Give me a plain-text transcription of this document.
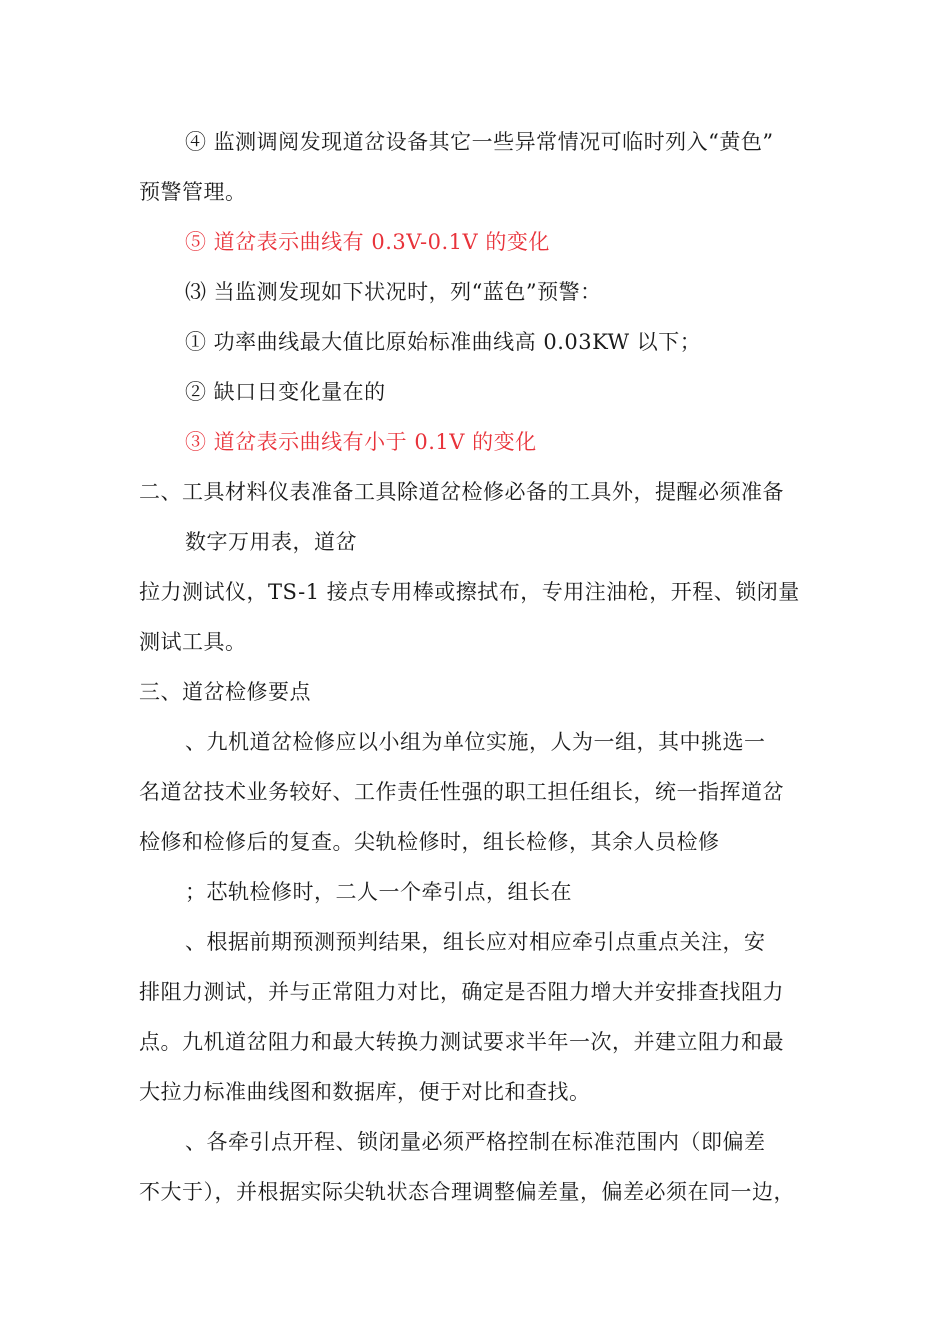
④ 监测调阅发现道岔设备其它一些异常情况可临时列入“黄色”
预警管理。
⑤ 道岔表示曲线有 0.3V-0.1V 的变化
⑶ 当监测发现如下状况时，列“蓝色”预警：
① 功率曲线最大值比原始标准曲线高 0.03KW 以下；
② 缺口日变化量在的
③ 道岔表示曲线有小于 0.1V 的变化
二、工具材料仪表准备工具除道岔检修必备的工具外，提醒必须准备
数字万用表，道岔
拉力测试仪，TS-1 接点专用棒或擦拭布，专用注油枪，开程、锁闭量
测试工具。
三、道岔检修要点
、九机道岔检修应以小组为单位实施，人为一组，其中挑选一
名道岔技术业务较好、工作责任性强的职工担任组长，统一指挥道岔
检修和检修后的复查。尖轨检修时，组长检修，其余人员检修
；芯轨检修时，二人一个牵引点，组长在
、根据前期预测预判结果，组长应对相应牵引点重点关注，安
排阻力测试，并与正常阻力对比，确定是否阻力增大并安排查找阻力
点。九机道岔阻力和最大转换力测试要求半年一次，并建立阻力和最
大拉力标准曲线图和数据库，便于对比和查找。
、各牵引点开程、锁闭量必须严格控制在标准范围内（即偏差
不大于），并根据实际尖轨状态合理调整偏差量，偏差必须在同一边，
